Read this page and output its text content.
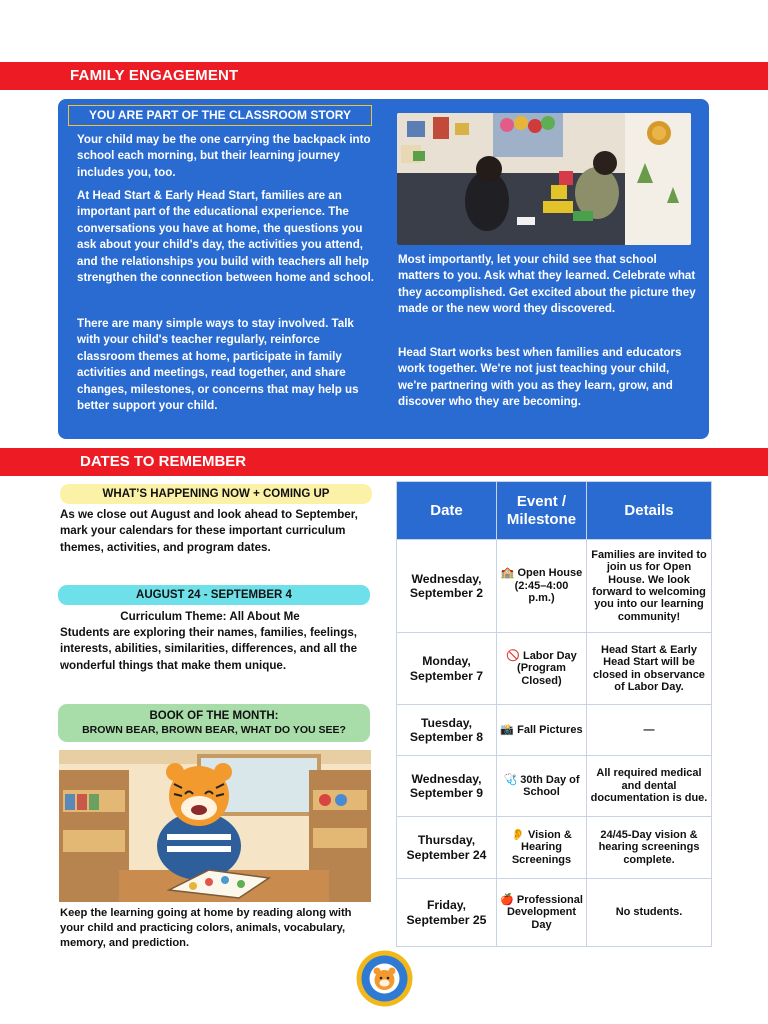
FAMILY ENGAGEMENT
YOU ARE PART OF THE CLASSROOM STORY
Your child may be the one carrying the backpack into school each morning, but their learning journey includes you, too.
At Head Start & Early Head Start, families are an important part of the educational experience. The conversations you have at home, the questions you ask about your child's day, the activities you attend, and the relationships you build with teachers all help strengthen the connection between home and school.
There are many simple ways to stay involved. Talk with your child's teacher regularly, reinforce classroom themes at home, participate in family activities and meetings, read together, and share changes, milestones, or concerns that may help us better support your child.
Most importantly, let your child see that school matters to you. Ask what they learned. Celebrate what they accomplished. Get excited about the picture they made or the new word they discovered.
Head Start works best when families and educators work together. We're not just teaching your child, we're partnering with you as they learn, grow, and discover who they are becoming.
DATES TO REMEMBER
WHAT’S HAPPENING NOW + COMING UP
As we close out August and look ahead to September, mark your calendars for these important curriculum themes, activities, and program dates.
AUGUST 24 - SEPTEMBER 4
Curriculum Theme: All About Me
Students are exploring their names, families, feelings, interests, abilities, similarities, differences, and all the wonderful things that make them unique.
BOOK OF THE MONTH:
BROWN BEAR, BROWN BEAR, WHAT DO YOU SEE?
Keep the learning going at home by reading along with your child and practicing colors, animals, vocabulary, memory, and prediction.
Date	Event / Milestone	Details
Wednesday, September 2	🏫 Open House (2:45–4:00 p.m.)	Families are invited to join us for Open House. We look forward to welcoming you into our learning community!
Monday, September 7	🚫 Labor Day (Program Closed)	Head Start & Early Head Start will be closed in observance of Labor Day.
Tuesday, September 8	📸 Fall Pictures	—
Wednesday, September 9	🩺 30th Day of School	All required medical and dental documentation is due.
Thursday, September 24	👂 Vision & Hearing Screenings	24/45-Day vision & hearing screenings complete.
Friday, September 25	🍎 Professional Development Day	No students.
